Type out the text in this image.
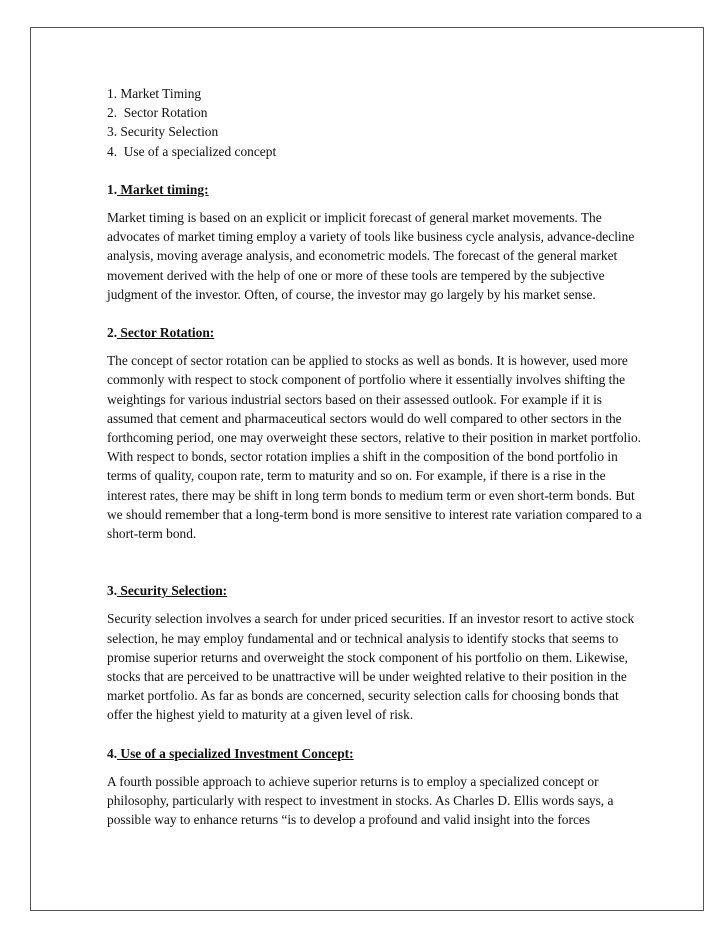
1. Market Timing
2.  Sector Rotation
3. Security Selection
4.  Use of a specialized concept
1. Market timing:

Market timing is based on an explicit or implicit forecast of general market movements. The advocates of market timing employ a variety of tools like business cycle analysis, advance-decline analysis, moving average analysis, and econometric models. The forecast of the general market movement derived with the help of one or more of these tools are tempered by the subjective judgment of the investor. Often, of course, the investor may go largely by his market sense.

2. Sector Rotation:

The concept of sector rotation can be applied to stocks as well as bonds. It is however, used more commonly with respect to stock component of portfolio where it essentially involves shifting the weightings for various industrial sectors based on their assessed outlook. For example if it is assumed that cement and pharmaceutical sectors would do well compared to other sectors in the forthcoming period, one may overweight these sectors, relative to their position in market portfolio. With respect to bonds, sector rotation implies a shift in the composition of the bond portfolio in terms of quality, coupon rate, term to maturity and so on. For example, if there is a rise in the interest rates, there may be shift in long term bonds to medium term or even short-term bonds. But we should remember that a long-term bond is more sensitive to interest rate variation compared to a short-term bond.

3. Security Selection:

Security selection involves a search for under priced securities. If an investor resort to active stock selection, he may employ fundamental and or technical analysis to identify stocks that seems to promise superior returns and overweight the stock component of his portfolio on them. Likewise, stocks that are perceived to be unattractive will be under weighted relative to their position in the market portfolio. As far as bonds are concerned, security selection calls for choosing bonds that offer the highest yield to maturity at a given level of risk.

4. Use of a specialized Investment Concept:

A fourth possible approach to achieve superior returns is to employ a specialized concept or philosophy, particularly with respect to investment in stocks. As Charles D. Ellis words says, a possible way to enhance returns “is to develop a profound and valid insight into the forces
